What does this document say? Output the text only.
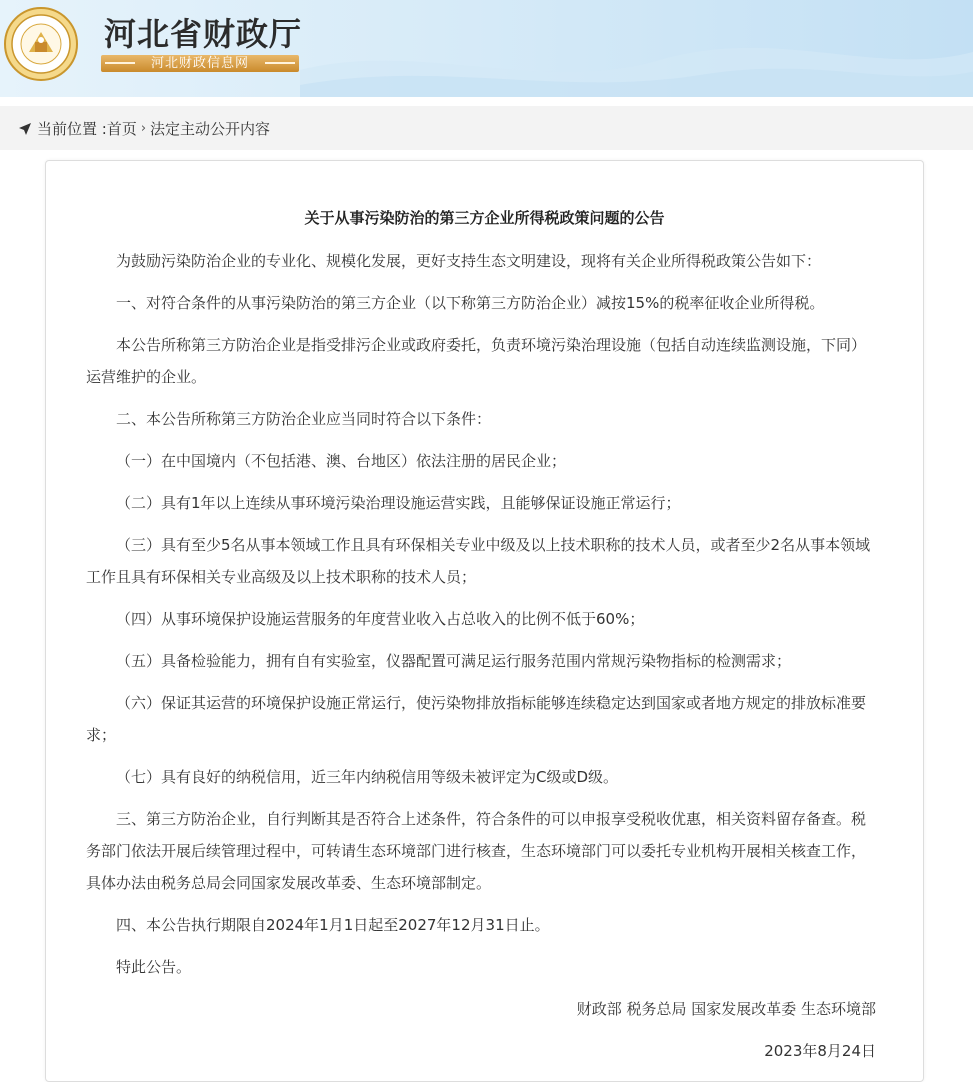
河北省财政厅
河北财政信息网
当前位置 : 首页 › 法定主动公开内容
关于从事污染防治的第三方企业所得税政策问题的公告

为鼓励污染防治企业的专业化、规模化发展，更好支持生态文明建设，现将有关企业所得税政策公告如下：

一、对符合条件的从事污染防治的第三方企业（以下称第三方防治企业）减按15%的税率征收企业所得税。

本公告所称第三方防治企业是指受排污企业或政府委托，负责环境污染治理设施（包括自动连续监测设施，下同）运营维护的企业。

二、本公告所称第三方防治企业应当同时符合以下条件：

（一）在中国境内（不包括港、澳、台地区）依法注册的居民企业；

（二）具有1年以上连续从事环境污染治理设施运营实践，且能够保证设施正常运行；

（三）具有至少5名从事本领域工作且具有环保相关专业中级及以上技术职称的技术人员，或者至少2名从事本领域工作且具有环保相关专业高级及以上技术职称的技术人员；

（四）从事环境保护设施运营服务的年度营业收入占总收入的比例不低于60%；

（五）具备检验能力，拥有自有实验室，仪器配置可满足运行服务范围内常规污染物指标的检测需求；

（六）保证其运营的环境保护设施正常运行，使污染物排放指标能够连续稳定达到国家或者地方规定的排放标准要求；

（七）具有良好的纳税信用，近三年内纳税信用等级未被评定为C级或D级。

三、第三方防治企业，自行判断其是否符合上述条件，符合条件的可以申报享受税收优惠，相关资料留存备查。税务部门依法开展后续管理过程中，可转请生态环境部门进行核查，生态环境部门可以委托专业机构开展相关核查工作，具体办法由税务总局会同国家发展改革委、生态环境部制定。

四、本公告执行期限自2024年1月1日起至2027年12月31日止。

特此公告。

财政部 税务总局 国家发展改革委 生态环境部

2023年8月24日
